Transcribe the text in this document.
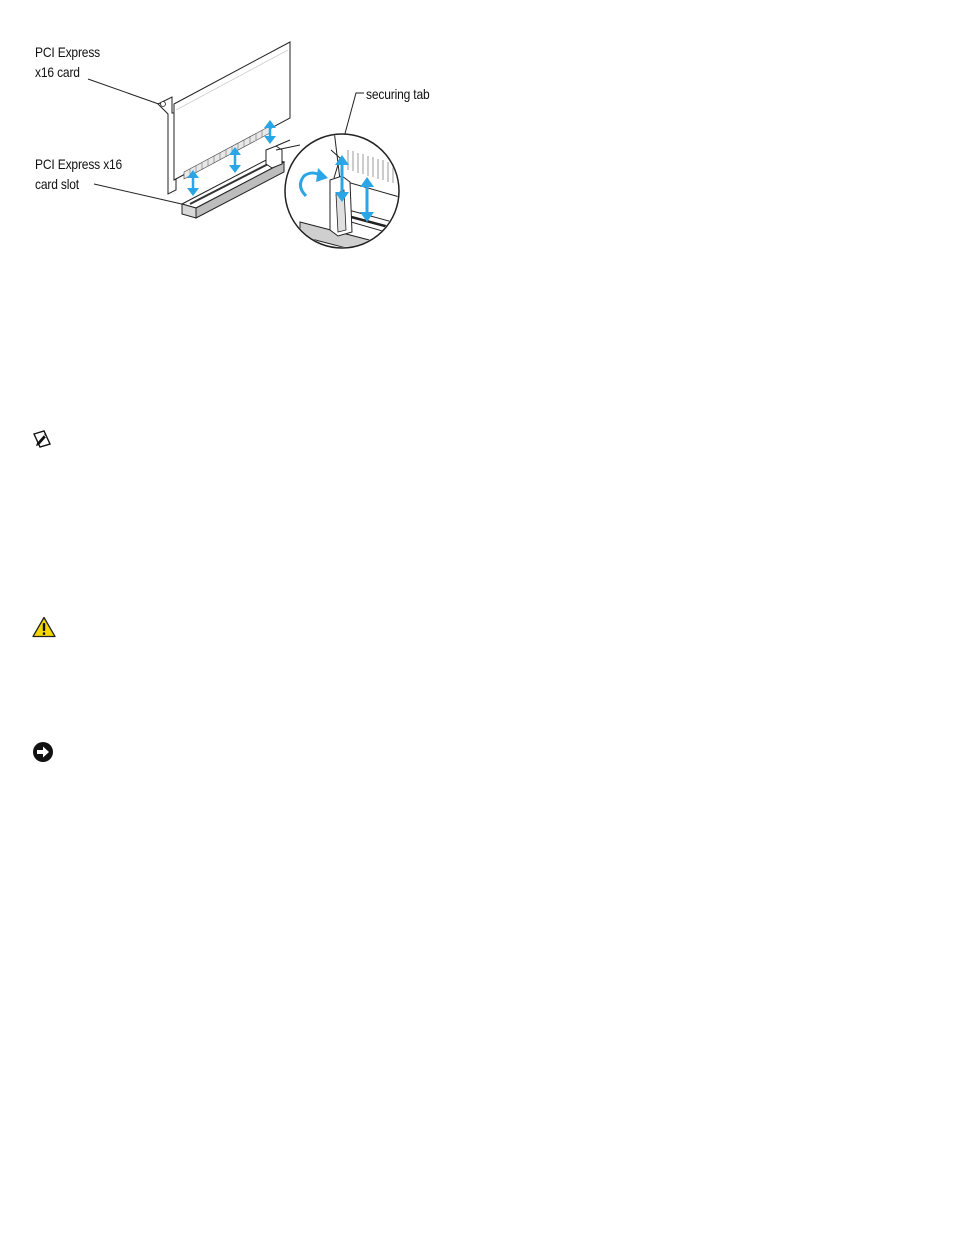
PCI Express
x16 card
PCI Express x16
card slot
securing tab
